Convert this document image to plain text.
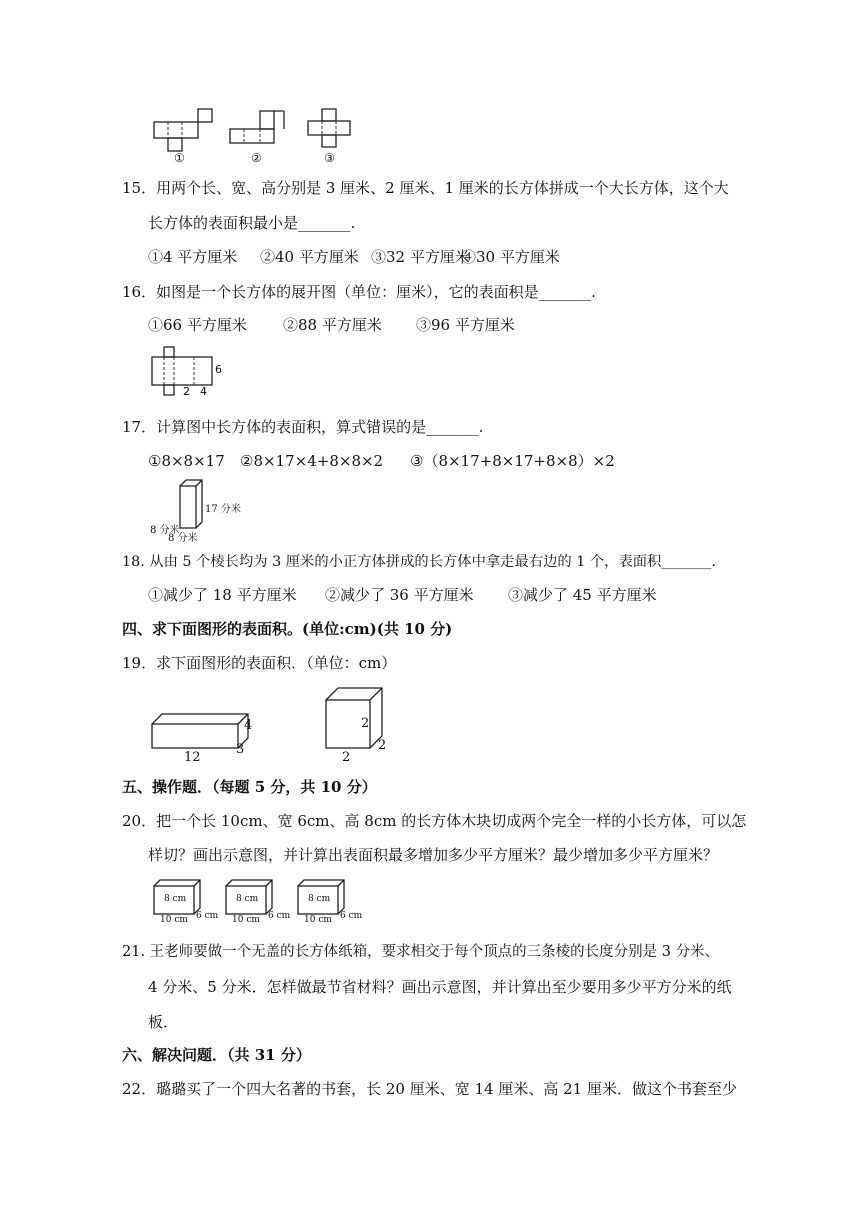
①	②	③
15．用两个长、宽、高分别是 3 厘米、2 厘米、1 厘米的长方体拼成一个大长方体，这个大
长方体的表面积最小是_______.
①4 平方厘米 ②40 平方厘米 ③32 平方厘米
④30 平方厘米
16．如图是一个长方体的展开图（单位：厘米），它的表面积是_______.
①66 平方厘米 ②88 平方厘米 ③96 平方厘米
6
2 4
17．计算图中长方体的表面积，算式错误的是_______.
①8×8×17 ②8×17×4+8×8×2 ③（8×17+8×17+8×8）×2
17 分米
8 分米
8 分米
18. 从由 5 个棱长均为 3 厘米的小正方体拼成的长方体中拿走最右边的 1 个，表面积_______.
①减少了 18 平方厘米 ②减少了 36 平方厘米 ③减少了 45 平方厘米
四、求下面图形的表面积。(单位:cm)(共 10 分)
19．求下面图形的表面积．（单位：cm）
4
12
3
2
2
2
五、操作题．（每题 5 分，共 10 分）
20．把一个长 10cm、宽 6cm、高 8cm 的长方体木块切成两个完全一样的小长方体，可以怎
样切？画出示意图，并计算出表面积最多增加多少平方厘米？最少增加多少平方厘米？
8 cm
10 cm 6 cm
8 cm
10 cm 6 cm
8 cm
10 cm 6 cm
21. 王老师要做一个无盖的长方体纸箱，要求相交于每个顶点的三条棱的长度分别是 3 分米、
4 分米、5 分米．怎样做最节省材料？画出示意图，并计算出至少要用多少平方分米的纸
板．
六、解决问题．（共 31 分）
22．璐璐买了一个四大名著的书套，长 20 厘米、宽 14 厘米、高 21 厘米．做这个书套至少
